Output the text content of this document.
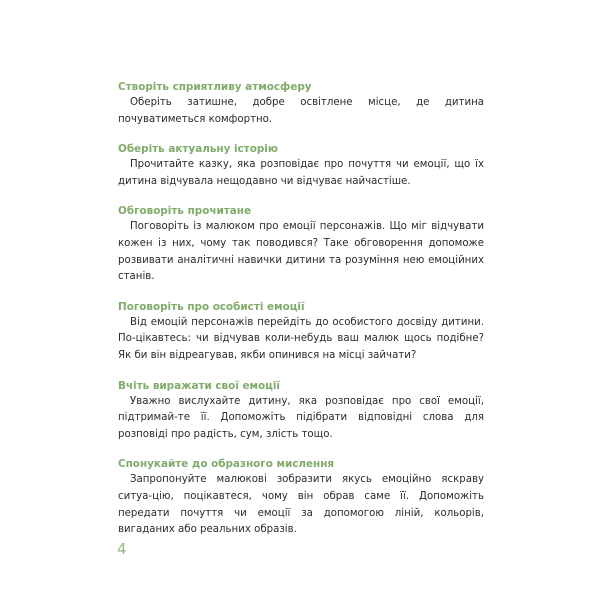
Створіть сприятливу атмосферу

Оберіть затишне, добре освітлене місце, де дитина почуватиметься комфортно.

Оберіть актуальну історію

Прочитайте казку, яка розповідає про почуття чи емоції, що їх дитина відчувала нещодавно чи відчуває найчастіше.

Обговоріть прочитане

Поговоріть із малюком про емоції персонажів. Що міг відчувати кожен із них, чому так поводився? Таке обговорення допоможе розвивати аналітичні навички дитини та розуміння нею емоційних станів.

Поговоріть про особисті емоції

Від емоцій персонажів перейдіть до особистого досвіду дитини. По-цікавтесь: чи відчував коли-небудь ваш малюк щось подібне? Як би він відреагував, якби опинився на місці зайчати?

Вчіть виражати свої емоції

Уважно вислухайте дитину, яка розповідає про свої емоції, підтримай-те її. Допоможіть підібрати відповідні слова для розповіді про радість, сум, злість тощо.

Спонукайте до образного мислення

Запропонуйте малюкові зобразити якусь емоційно яскраву ситуа-цію, поцікавтеся, чому він обрав саме її. Допоможіть передати почуття чи емоції за допомогою ліній, кольорів, вигаданих або реальних образів.

4
